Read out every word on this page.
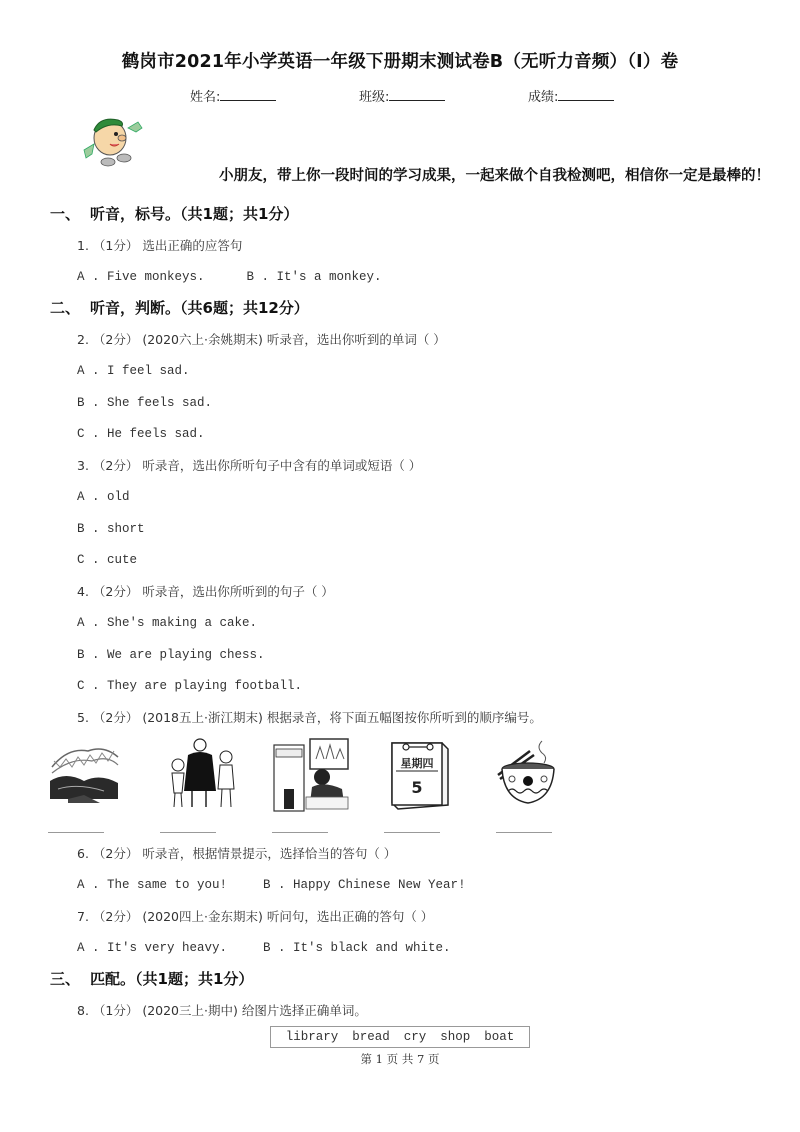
鹤岗市2021年小学英语一年级下册期末测试卷B（无听力音频）（I）卷
姓名:	班级:	成绩:
小朋友，带上你一段时间的学习成果，一起来做个自我检测吧，相信你一定是最棒的！
一、 听音，标号。（共1题；共1分）
1. （1分） 选出正确的应答句
A . Five monkeys.	B . It's a monkey.
二、 听音，判断。（共6题；共12分）
2. （2分） (2020六上·余姚期末) 听录音，选出你听到的单词（ ）
A . I feel sad.
B . She feels sad.
C . He feels sad.
3. （2分） 听录音，选出你所听句子中含有的单词或短语（ ）
A . old
B . short
C . cute
4. （2分） 听录音，选出你所听到的句子（ ）
A . She's making a cake.
B . We are playing chess.
C . They are playing football.
5. （2分） (2018五上·浙江期末) 根据录音，将下面五幅图按你所听到的顺序编号。
星期四
5
6. （2分） 听录音，根据情景提示，选择恰当的答句（ ）
A . The same to you!	B . Happy Chinese New Year!
7. （2分） (2020四上·金东期末) 听问句，选出正确的答句（ ）
A . It's very heavy.	B . It's black and white.
三、 匹配。（共1题；共1分）
8. （1分） (2020三上·期中) 给图片选择正确单词。
library bread cry shop boat
第 1 页 共 7 页
